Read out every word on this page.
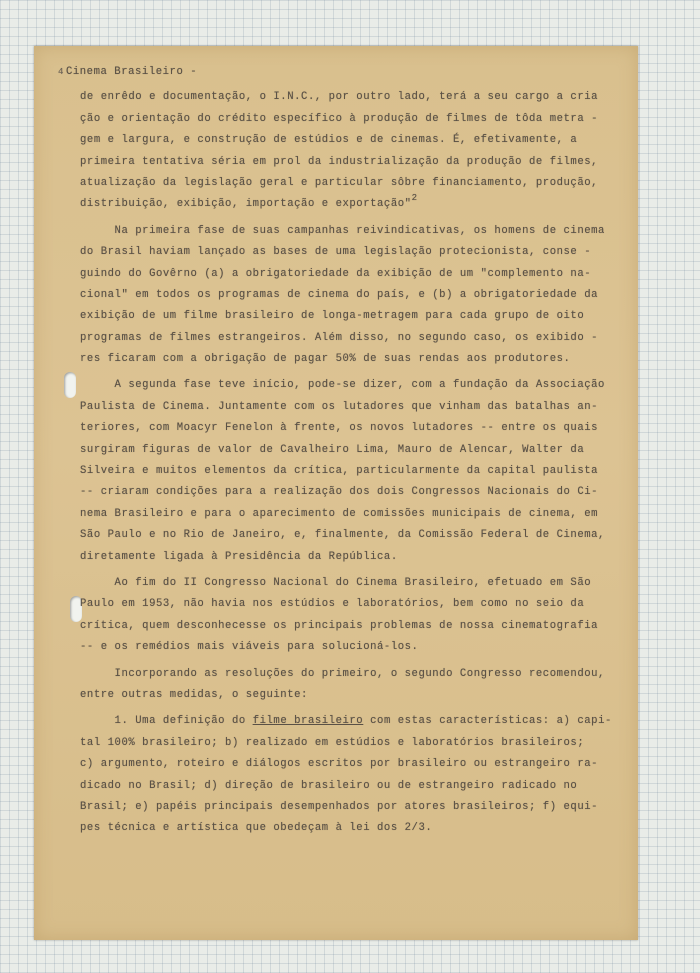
4 Cinema Brasileiro -
de enrêdo e documentação, o I.N.C., por outro lado, terá a seu cargo a cria
ção e orientação do crédito específico à produção de filmes de tôda metra -
gem e largura, e construção de estúdios e de cinemas. É, efetivamente, a
primeira tentativa séria em prol da industrialização da produção de filmes,
atualização da legislação geral e particular sôbre financiamento, produção,
distribuição, exibição, importação e exportação"$^2$
Na primeira fase de suas campanhas reivindicativas, os homens de cinema
do Brasil haviam lançado as bases de uma legislação protecionista, conse -
guindo do Govêrno (a) a obrigatoriedade da exibição de um "complemento na-
cional" em todos os programas de cinema do país, e (b) a obrigatoriedade da
exibição de um filme brasileiro de longa-metragem para cada grupo de oito
programas de filmes estrangeiros. Além disso, no segundo caso, os exibido -
res ficaram com a obrigação de pagar 50% de suas rendas aos produtores.
A segunda fase teve início, pode-se dizer, com a fundação da Associação
Paulista de Cinema. Juntamente com os lutadores que vinham das batalhas an-
teriores, com Moacyr Fenelon à frente, os novos lutadores -- entre os quais
surgiram figuras de valor de Cavalheiro Lima, Mauro de Alencar, Walter da
Silveira e muitos elementos da crítica, particularmente da capital paulista
-- criaram condições para a realização dos dois Congressos Nacionais do Ci-
nema Brasileiro e para o aparecimento de comissões municipais de cinema, em
São Paulo e no Rio de Janeiro, e, finalmente, da Comissão Federal de Cinema,
diretamente ligada à Presidência da República.
Ao fim do II Congresso Nacional do Cinema Brasileiro, efetuado em São
Paulo em 1953, não havia nos estúdios e laboratórios, bem como no seio da
crítica, quem desconhecesse os principais problemas de nossa cinematografia
-- e os remédios mais viáveis para solucioná-los.
Incorporando as resoluções do primeiro, o segundo Congresso recomendou,
entre outras medidas, o seguinte:
1. Uma definição do filme brasileiro com estas características: a) capi-
tal 100% brasileiro; b) realizado em estúdios e laboratórios brasileiros;
c) argumento, roteiro e diálogos escritos por brasileiro ou estrangeiro ra-
dicado no Brasil; d) direção de brasileiro ou de estrangeiro radicado no
Brasil; e) papéis principais desempenhados por atores brasileiros; f) equi-
pes técnica e artística que obedeçam à lei dos 2/3.
